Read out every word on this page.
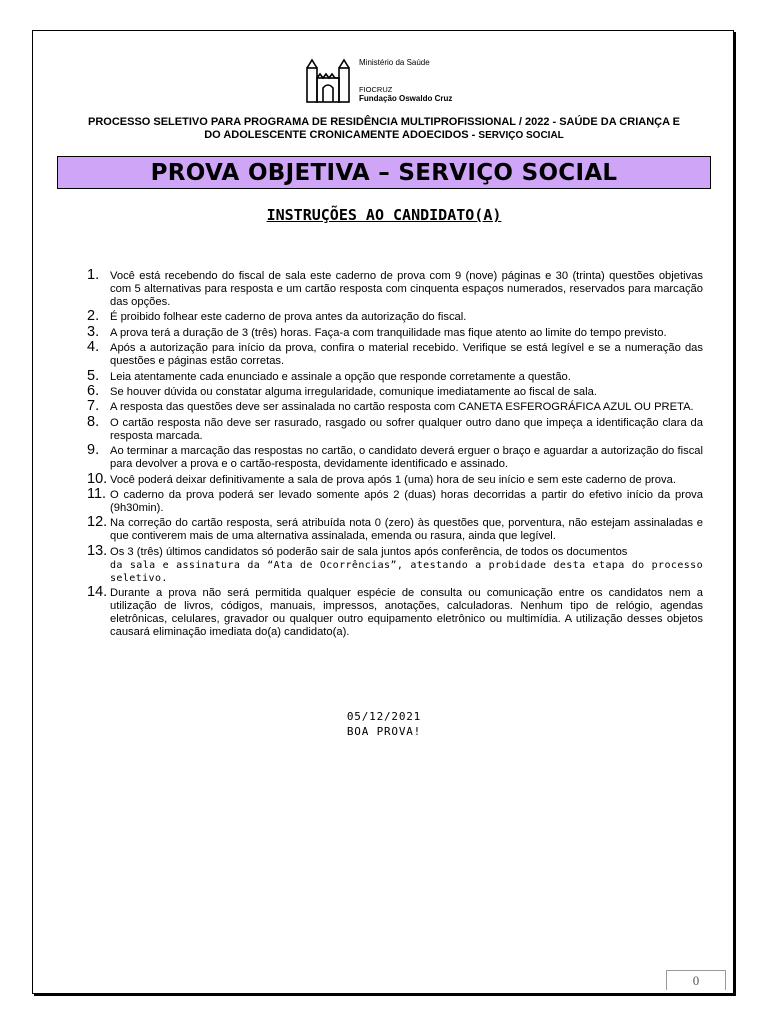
Ministério da Saúde
FIOCRUZ
Fundação Oswaldo Cruz
PROCESSO SELETIVO PARA PROGRAMA DE RESIDÊNCIA MULTIPROFISSIONAL / 2022 - SAÚDE DA CRIANÇA E
DO ADOLESCENTE CRONICAMENTE ADOECIDOS - SERVIÇO SOCIAL
PROVA OBJETIVA – SERVIÇO SOCIAL
INSTRUÇÕES AO CANDIDATO(A)
1. Você está recebendo do fiscal de sala este caderno de prova com 9 (nove) páginas e 30 (trinta) questões objetivas com 5 alternativas para resposta e um cartão resposta com cinquenta espaços numerados, reservados para marcação das opções.
2. É proibido folhear este caderno de prova antes da autorização do fiscal.
3. A prova terá a duração de 3 (três) horas. Faça-a com tranquilidade mas fique atento ao limite do tempo previsto.
4. Após a autorização para início da prova, confira o material recebido. Verifique se está legível e se a numeração das questões e páginas estão corretas.
5. Leia atentamente cada enunciado e assinale a opção que responde corretamente a questão.
6. Se houver dúvida ou constatar alguma irregularidade, comunique imediatamente ao fiscal de sala.
7. A resposta das questões deve ser assinalada no cartão resposta com CANETA ESFEROGRÁFICA AZUL OU PRETA.
8. O cartão resposta não deve ser rasurado, rasgado ou sofrer qualquer outro dano que impeça a identificação clara da resposta marcada.
9. Ao terminar a marcação das respostas no cartão, o candidato deverá erguer o braço e aguardar a autorização do fiscal para devolver a prova e o cartão-resposta, devidamente identificado e assinado.
10. Você poderá deixar definitivamente a sala de prova após 1 (uma) hora de seu início e sem este caderno de prova.
11. O caderno da prova poderá ser levado somente após 2 (duas) horas decorridas a partir do efetivo início da prova (9h30min).
12. Na correção do cartão resposta, será atribuída nota 0 (zero) às questões que, porventura, não estejam assinaladas e que contiverem mais de uma alternativa assinalada, emenda ou rasura, ainda que legível.
13. Os 3 (três) últimos candidatos só poderão sair de sala juntos após conferência, de todos os documentos
da sala e assinatura da “Ata de Ocorrências”, atestando a probidade desta etapa do processo seletivo.
14. Durante a prova não será permitida qualquer espécie de consulta ou comunicação entre os candidatos nem a utilização de livros, códigos, manuais, impressos, anotações, calculadoras. Nenhum tipo de relógio, agendas eletrônicas, celulares, gravador ou qualquer outro equipamento eletrônico ou multimídia. A utilização desses objetos causará eliminação imediata do(a) candidato(a).
05/12/2021
BOA PROVA!
0
